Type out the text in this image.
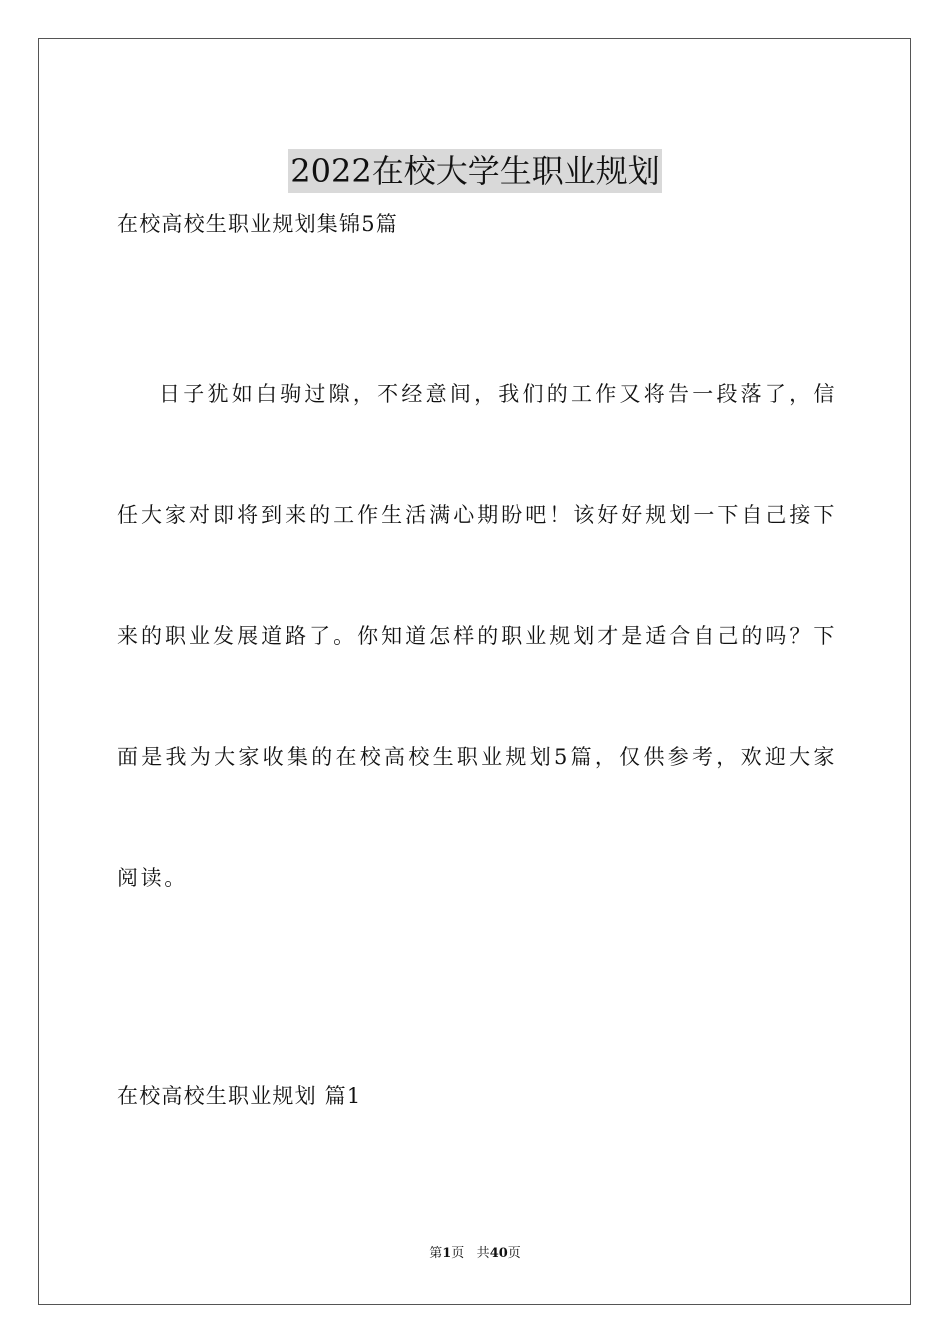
2022在校大学生职业规划
在校高校生职业规划集锦5篇

日子犹如白驹过隙，不经意间，我们的工作又将告一段落了，信任大家对即将到来的工作生活满心期盼吧！该好好规划一下自己接下来的职业发展道路了。你知道怎样的职业规划才是适合自己的吗？下面是我为大家收集的在校高校生职业规划5篇，仅供参考，欢迎大家阅读。

在校高校生职业规划 篇1
第1页 共40页
